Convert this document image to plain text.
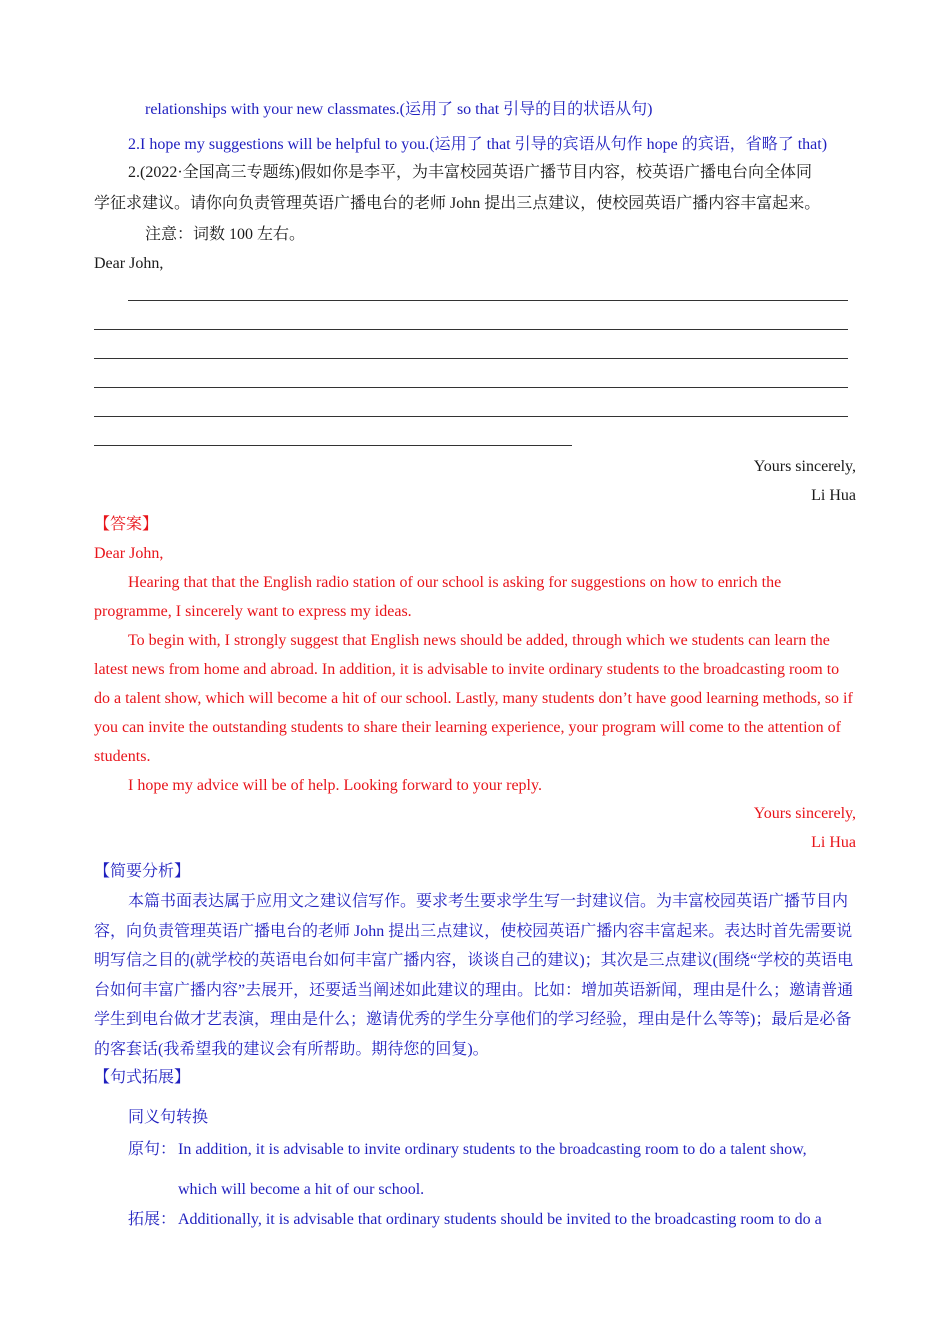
relationships with your new classmates.(运用了 so that 引导的目的状语从句)
2.I hope my suggestions will be helpful to you.(运用了 that 引导的宾语从句作 hope 的宾语，省略了 that)
2.(2022·全国高三专题练)假如你是李平，为丰富校园英语广播节目内容，校英语广播电台向全体同
学征求建议。请你向负责管理英语广播电台的老师 John 提出三点建议，使校园英语广播内容丰富起来。
注意：词数 100 左右。
Dear John,
Yours sincerely,
Li Hua
【答案】
Dear John,
Hearing that that the English radio station of our school is asking for suggestions on how to enrich the programme, I sincerely want to express my ideas.
To begin with, I strongly suggest that English news should be added, through which we students can learn the latest news from home and abroad. In addition, it is advisable to invite ordinary students to the broadcasting room to do a talent show, which will become a hit of our school. Lastly, many students don’t have good learning methods, so if you can invite the outstanding students to share their learning experience, your program will come to the attention of students.
I hope my advice will be of help. Looking forward to your reply.
Yours sincerely,
Li Hua
【简要分析】
本篇书面表达属于应用文之建议信写作。要求考生要求学生写一封建议信。为丰富校园英语广播节目内容，向负责管理英语广播电台的老师 John 提出三点建议，使校园英语广播内容丰富起来。表达时首先需要说明写信之目的(就学校的英语电台如何丰富广播内容，谈谈自己的建议)；其次是三点建议(围绕“学校的英语电台如何丰富广播内容”去展开，还要适当阐述如此建议的理由。比如：增加英语新闻，理由是什么；邀请普通学生到电台做才艺表演，理由是什么；邀请优秀的学生分享他们的学习经验，理由是什么等等)；最后是必备的客套话(我希望我的建议会有所帮助。期待您的回复)。
【句式拓展】
同义句转换
原句： In addition, it is advisable to invite ordinary students to the broadcasting room to do a talent show,
which will become a hit of our school.
拓展： Additionally, it is advisable that ordinary students should be invited to the broadcasting room to do a
